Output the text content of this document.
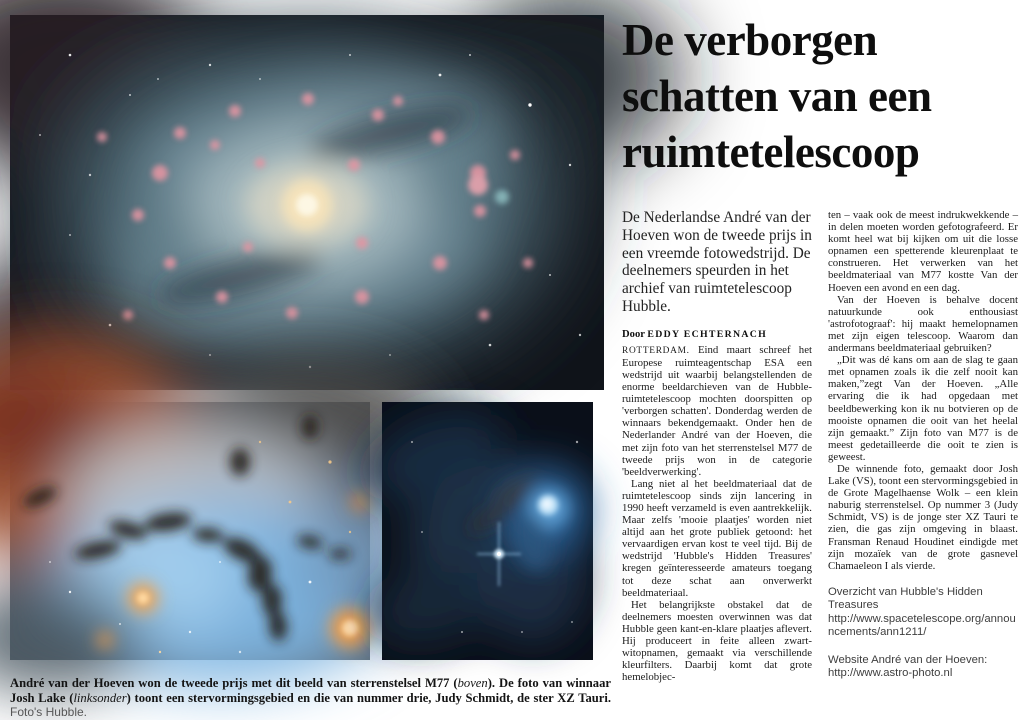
André van der Hoeven won de tweede prijs met dit beeld van sterrenstelsel M77 (boven). De foto van winnaar Josh Lake (linksonder) toont een stervormingsgebied en die van nummer drie, Judy Schmidt, de ster XZ Tauri. Foto's Hubble.

De verborgen
schatten van een
ruimtetelescoop

De Nederlandse André van der Hoeven won de tweede prijs in een vreemde fotowedstrijd. De deelnemers speurden in het archief van ruimtetelescoop Hubble.

Door EDDY ECHTERNACH

ROTTERDAM. Eind maart schreef het Europese ruimteagentschap ESA een wedstrijd uit waarbij belangstellenden de enorme beeldarchieven van de Hubble-ruimtetelescoop mochten doorspitten op 'verborgen schatten'. Donderdag werden de winnaars bekendgemaakt. Onder hen de Nederlander André van der Hoeven, die met zijn foto van het sterrenstelsel M77 de tweede prijs won in de categorie 'beeldverwerking'.

Lang niet al het beeldmateriaal dat de ruimtetelescoop sinds zijn lancering in 1990 heeft verzameld is even aantrekkelijk. Maar zelfs 'mooie plaatjes' worden niet altijd aan het grote publiek getoond: het vervaardigen ervan kost te veel tijd. Bij de wedstrijd 'Hubble's Hidden Treasures' kregen geïnteresseerde amateurs toegang tot deze schat aan onverwerkt beeldmateriaal.

Het belangrijkste obstakel dat de deelnemers moesten overwinnen was dat Hubble geen kant-en-klare plaatjes aflevert. Hij produceert in feite alleen zwart-witopnamen, gemaakt via verschillende kleurfilters. Daarbij komt dat grote hemelobjec-

ten – vaak ook de meest indrukwekkende – in delen moeten worden gefotografeerd. Er komt heel wat bij kijken om uit die losse opnamen een spetterende kleurenplaat te construeren. Het verwerken van het beeldmateriaal van M77 kostte Van der Hoeven een avond en een dag.

Van der Hoeven is behalve docent natuurkunde ook enthousiast 'astrofotograaf': hij maakt hemelopnamen met zijn eigen telescoop. Waarom dan andermans beeldmateriaal gebruiken?

„Dit was dé kans om aan de slag te gaan met opnamen zoals ik die zelf nooit kan maken,”zegt Van der Hoeven. „Alle ervaring die ik had opgedaan met beeldbewerking kon ik nu botvieren op de mooiste opnamen die ooit van het heelal zijn gemaakt.” Zijn foto van M77 is de meest gedetailleerde die ooit te zien is geweest.

De winnende foto, gemaakt door Josh Lake (VS), toont een stervormingsgebied in de Grote Magelhaense Wolk – een klein naburig sterrenstelsel. Op nummer 3 (Judy Schmidt, VS) is de jonge ster XZ Tauri te zien, die gas zijn omgeving in blaast. Fransman Renaud Houdinet eindigde met zijn mozaïek van de grote gasnevel Chamaeleon I als vierde.

Overzicht van Hubble's Hidden Treasures http://www.spacetelescope.org/announcements/ann1211/

Website André van der Hoeven: http://www.astro-photo.nl
